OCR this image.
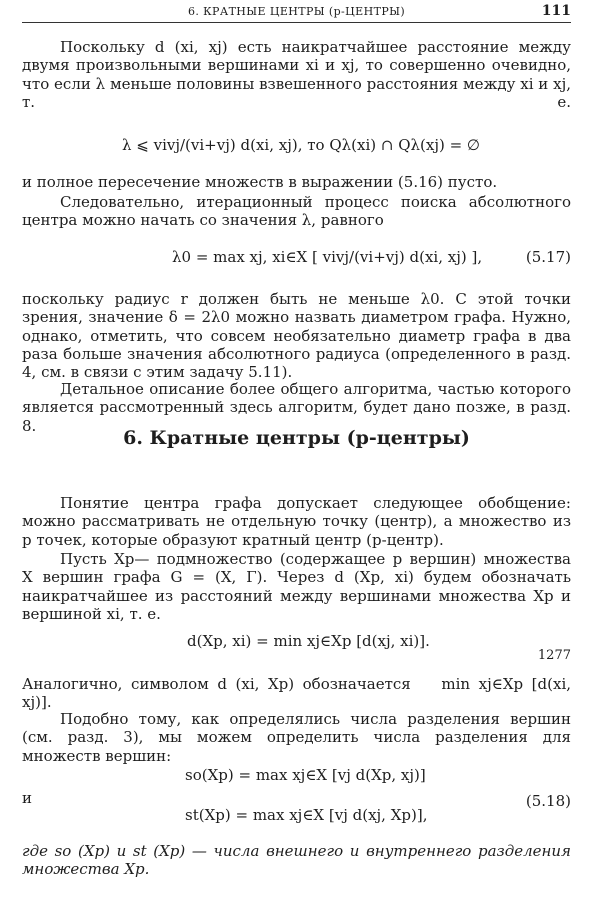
6. КРАТНЫЕ ЦЕНТРЫ (р-ЦЕНТРЫ)	111
Поскольку d (xi, xj) есть наикратчайшее расстояние между двумя произвольными вершинами xi и xj, то совершенно очевидно, что если λ меньше половины взвешенного расстояния между xi и xj, т. е.
λ ⩽ vivj/(vi+vj) d(xi, xj), то Qλ(xi) ∩ Qλ(xj) = ∅
и полное пересечение множеств в выражении (5.16) пусто.
Следовательно, итерационный процесс поиска абсолютного центра можно начать со значения λ, равного
λ0 = max xj, xi∈X [ vivj/(vi+vj) d(xi, xj) ],	(5.17)
поскольку радиус r должен быть не меньше λ0. С этой точки зрения, значение δ = 2λ0 можно назвать диаметром графа. Нужно, однако, отметить, что совсем необязательно диаметр графа в два раза больше значения абсолютного радиуса (определенного в разд. 4, см. в связи с этим задачу 5.11).
Детальное описание более общего алгоритма, частью которого является рассмотренный здесь алгоритм, будет дано позже, в разд. 8.
6. Кратные центры (p-центры)
Понятие центра графа допускает следующее обобщение: можно рассматривать не отдельную точку (центр), а множество из p точек, которые образуют кратный центр (p-центр).
Пусть Xp— подмножество (содержащее p вершин) множества X вершин графа G = (X, Γ). Через d (Xp, xi) будем обозначать наикратчайшее из расстояний между вершинами множества Xp и вершиной xi, т. е.
d(Xp, xi) = min xj∈Xp [d(xj, xi)].
1277
Аналогично, символом d (xi, Xp) обозначается min xj∈Xp [d(xi, xj)].
Подобно тому, как определялись числа разделения вершин (см. разд. 3), мы можем определить числа разделения для множеств вершин:
so(Xp) = max xj∈X [vj d(Xp, xj)]
и
st(Xp) = max xj∈X [vj d(xj, Xp)],
(5.18)
где so (Xp) и st (Xp) — числа внешнего и внутреннего разделения множества Xp.
